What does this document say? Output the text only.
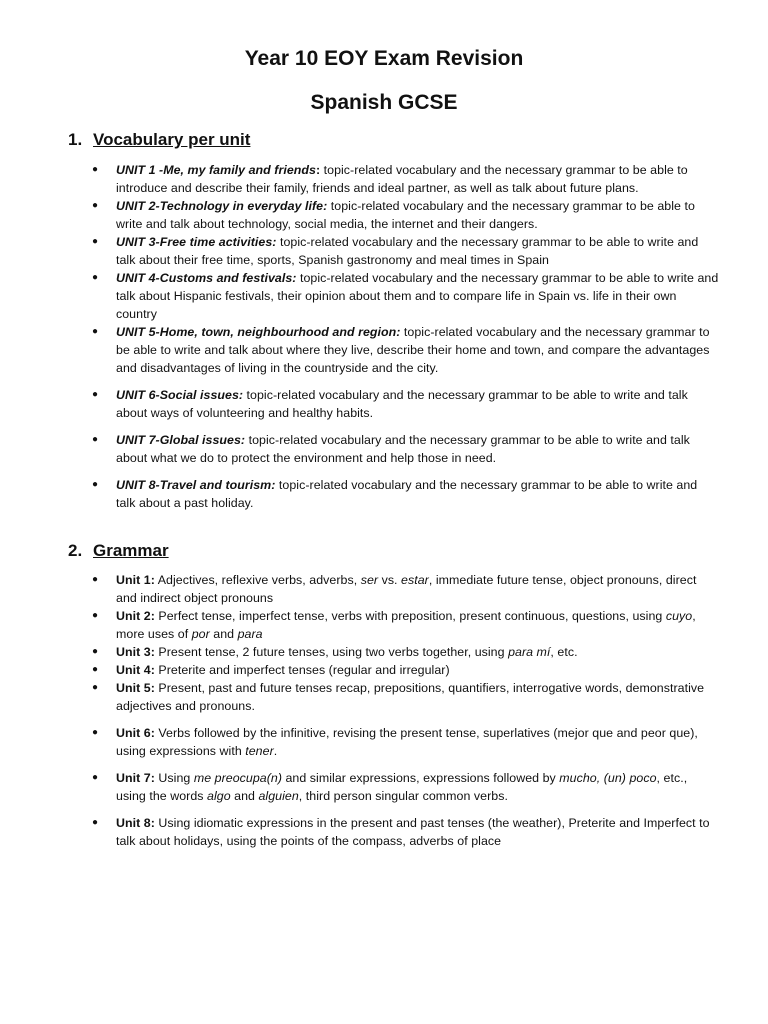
Year 10 EOY Exam Revision
Spanish GCSE
1. Vocabulary per unit
● UNIT 1 -Me, my family and friends: topic-related vocabulary and the necessary grammar to be able to introduce and describe their family, friends and ideal partner, as well as talk about future plans.
● UNIT 2-Technology in everyday life: topic-related vocabulary and the necessary grammar to be able to write and talk about technology, social media, the internet and their dangers.
● UNIT 3-Free time activities: topic-related vocabulary and the necessary grammar to be able to write and talk about their free time, sports, Spanish gastronomy and meal times in Spain
● UNIT 4-Customs and festivals: topic-related vocabulary and the necessary grammar to be able to write and talk about Hispanic festivals, their opinion about them and to compare life in Spain vs. life in their own country
● UNIT 5-Home, town, neighbourhood and region: topic-related vocabulary and the necessary grammar to be able to write and talk about where they live, describe their home and town, and compare the advantages and disadvantages of living in the countryside and the city.
● UNIT 6-Social issues: topic-related vocabulary and the necessary grammar to be able to write and talk about ways of volunteering and healthy habits.
● UNIT 7-Global issues: topic-related vocabulary and the necessary grammar to be able to write and talk about what we do to protect the environment and help those in need.
● UNIT 8-Travel and tourism: topic-related vocabulary and the necessary grammar to be able to write and talk about a past holiday.
2. Grammar
● Unit 1: Adjectives, reflexive verbs, adverbs, ser vs. estar, immediate future tense, object pronouns, direct and indirect object pronouns
● Unit 2: Perfect tense, imperfect tense, verbs with preposition, present continuous, questions, using cuyo, more uses of por and para
● Unit 3: Present tense, 2 future tenses, using two verbs together, using para mí, etc.
● Unit 4: Preterite and imperfect tenses (regular and irregular)
● Unit 5: Present, past and future tenses recap, prepositions, quantifiers, interrogative words, demonstrative adjectives and pronouns.
● Unit 6: Verbs followed by the infinitive, revising the present tense, superlatives (mejor que and peor que), using expressions with tener.
● Unit 7: Using me preocupa(n) and similar expressions, expressions followed by mucho, (un) poco, etc., using the words algo and alguien, third person singular common verbs.
● Unit 8: Using idiomatic expressions in the present and past tenses (the weather), Preterite and Imperfect to talk about holidays, using the points of the compass, adverbs of place
